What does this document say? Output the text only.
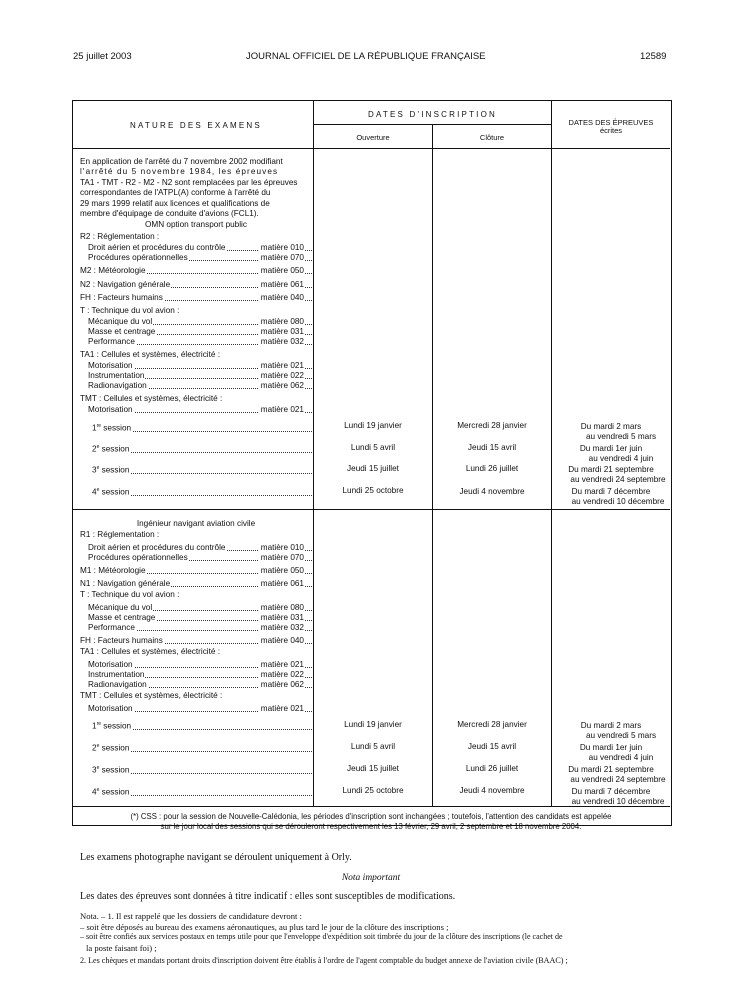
25 juillet 2003	JOURNAL OFFICIEL DE LA RÉPUBLIQUE FRANÇAISE	12589
NATURE DES EXAMENS
DATES D'INSCRIPTION
Ouverture	Clôture
DATES DES ÉPREUVES
écrites
En application de l'arrêté du 7 novembre 2002 modifiant
l'arrêté du 5 novembre 1984, les épreuves
TA1 - TMT - R2 - M2 - N2 sont remplacées par les épreuves
correspondantes de l'ATPL(A) conforme à l'arrêté du
29 mars 1999 relatif aux licences et qualifications de
membre d'équipage de conduite d'avions (FCL1).
OMN option transport public
R2 : Réglementation :
Droit aérien et procédures du contrôle	matière 010
Procédures opérationnelles	matière 070
M2 : Météorologie	matière 050
N2 : Navigation générale	matière 061
FH : Facteurs humains	matière 040
T : Technique du vol avion :
Mécanique du vol	matière 080
Masse et centrage	matière 031
Performance	matière 032
TA1 : Cellules et systèmes, électricité :
Motorisation	matière 021
Instrumentation	matière 022
Radionavigation	matière 062
TMT : Cellules et systèmes, électricité :
Motorisation	matière 021
1re session	Lundi 19 janvier	Mercredi 28 janvier	Du mardi 2 mars
au vendredi 5 mars
2e session	Lundi 5 avril	Jeudi 15 avril	Du mardi 1er juin
au vendredi 4 juin
3e session	Jeudi 15 juillet	Lundi 26 juillet	Du mardi 21 septembre
au vendredi 24 septembre
4e session	Lundi 25 octobre	Jeudi 4 novembre	Du mardi 7 décembre
au vendredi 10 décembre
Ingénieur navigant aviation civile
R1 : Réglementation :
Droit aérien et procédures du contrôle	matière 010
Procédures opérationnelles	matière 070
M1 : Météorologie	matière 050
N1 : Navigation générale	matière 061
T : Technique du vol avion :
Mécanique du vol	matière 080
Masse et centrage	matière 031
Performance	matière 032
FH : Facteurs humains	matière 040
TA1 : Cellules et systèmes, électricité :
Motorisation	matière 021
Instrumentation	matière 022
Radionavigation	matière 062
TMT : Cellules et systèmes, électricité :
Motorisation	matière 021
1re session	Lundi 19 janvier	Mercredi 28 janvier	Du mardi 2 mars
au vendredi 5 mars
2e session	Lundi 5 avril	Jeudi 15 avril	Du mardi 1er juin
au vendredi 4 juin
3e session	Jeudi 15 juillet	Lundi 26 juillet	Du mardi 21 septembre
au vendredi 24 septembre
4e session	Lundi 25 octobre	Jeudi 4 novembre	Du mardi 7 décembre
au vendredi 10 décembre
(*) CSS : pour la session de Nouvelle-Calédonia, les périodes d'inscription sont inchangées ; toutefois, l'attention des candidats est appelée
sur le jour local des sessions qui se dérouleront respectivement les 13 février, 29 avril, 2 septembre et 18 novembre 2004.
Les examens photographe navigant se déroulent uniquement à Orly.
Nota important
Les dates des épreuves sont données à titre indicatif : elles sont susceptibles de modifications.
Nota. – 1. Il est rappelé que les dossiers de candidature devront :
– soit être déposés au bureau des examens aéronautiques, au plus tard le jour de la clôture des inscriptions ;
– soit être confiés aux services postaux en temps utile pour que l'enveloppe d'expédition soit timbrée du jour de la clôture des inscriptions (le cachet de
la poste faisant foi) ;
2. Les chèques et mandats portant droits d'inscription doivent être établis à l'ordre de l'agent comptable du budget annexe de l'aviation civile (BAAC) ;
